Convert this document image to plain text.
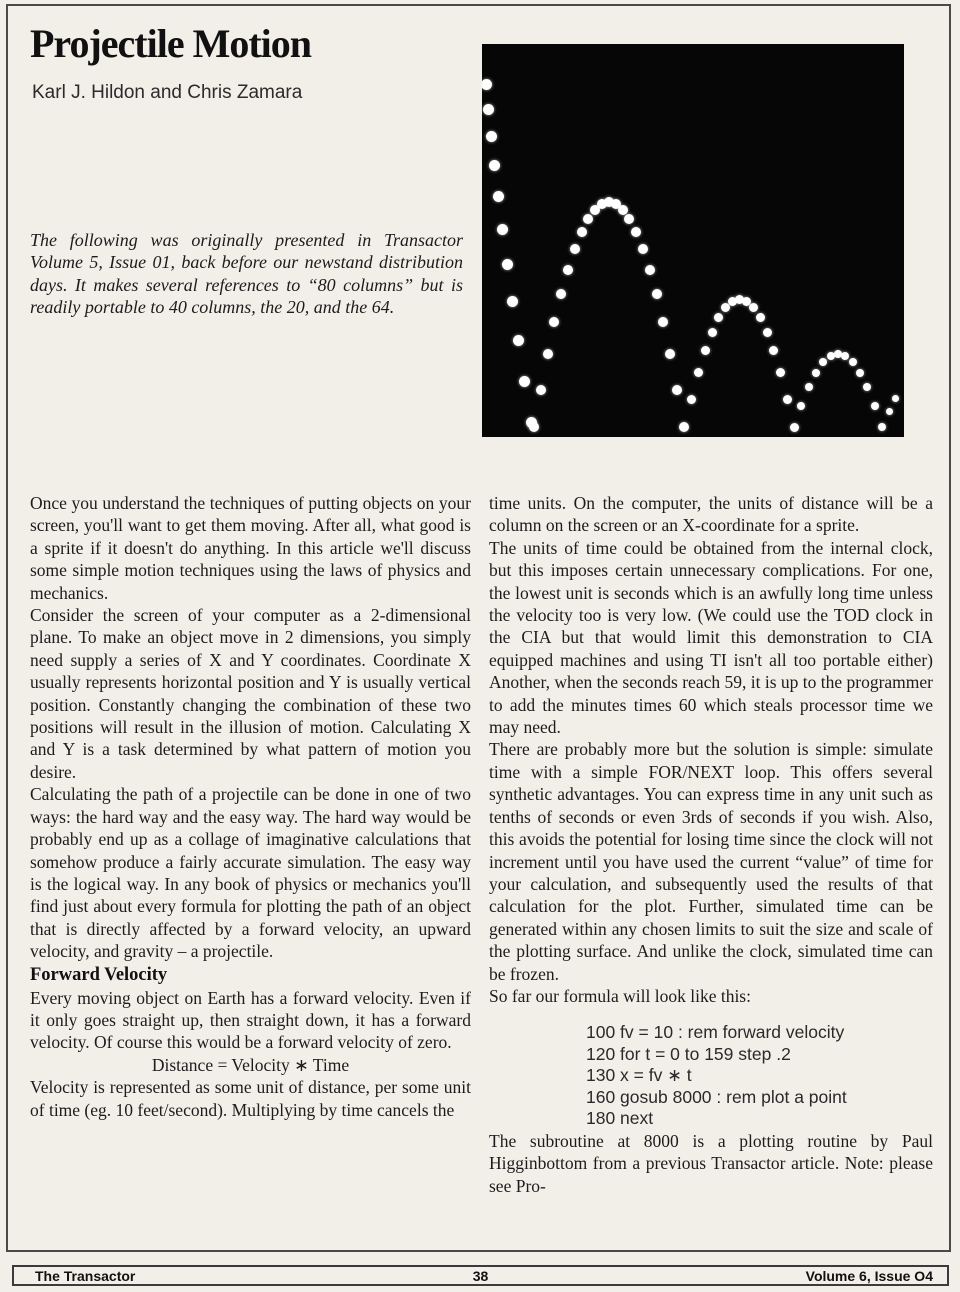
Projectile Motion
Karl J. Hildon and Chris Zamara
The following was originally presented in Transactor Volume 5, Issue 01, back before our newstand distribution days. It makes several references to “80 columns” but is readily portable to 40 columns, the 20, and the 64.

Once you understand the techniques of putting objects on your screen, you'll want to get them moving. After all, what good is a sprite if it doesn't do anything. In this article we'll discuss some simple motion techniques using the laws of physics and mechanics.

Consider the screen of your computer as a 2-dimensional plane. To make an object move in 2 dimensions, you simply need supply a series of X and Y coordinates. Coordinate X usually represents horizontal position and Y is usually vertical position. Constantly changing the combination of these two positions will result in the illusion of motion. Calculating X and Y is a task determined by what pattern of motion you desire.

Calculating the path of a projectile can be done in one of two ways: the hard way and the easy way. The hard way would be probably end up as a collage of imaginative calculations that somehow produce a fairly accurate simulation. The easy way is the logical way. In any book of physics or mechanics you'll find just about every formula for plotting the path of an object that is directly affected by a forward velocity, an upward velocity, and gravity – a projectile.

Forward Velocity

Every moving object on Earth has a forward velocity. Even if it only goes straight up, then straight down, it has a forward velocity. Of course this would be a forward velocity of zero.

Distance = Velocity ∗ Time

Velocity is represented as some unit of distance, per some unit of time (eg. 10 feet/second). Multiplying by time cancels the

time units. On the computer, the units of distance will be a column on the screen or an X-coordinate for a sprite.

The units of time could be obtained from the internal clock, but this imposes certain unnecessary complications. For one, the lowest unit is seconds which is an awfully long time unless the velocity too is very low. (We could use the TOD clock in the CIA but that would limit this demonstration to CIA equipped machines and using TI isn't all too portable either) Another, when the seconds reach 59, it is up to the programmer to add the minutes times 60 which steals processor time we may need.

There are probably more but the solution is simple: simulate time with a simple FOR/NEXT loop. This offers several synthetic advantages. You can express time in any unit such as tenths of seconds or even 3rds of seconds if you wish. Also, this avoids the potential for losing time since the clock will not increment until you have used the current “value” of time for your calculation, and subsequently used the results of that calculation for the plot. Further, simulated time can be generated within any chosen limits to suit the size and scale of the plotting surface. And unlike the clock, simulated time can be frozen.

So far our formula will look like this:

100 fv = 10 : rem forward velocity
120 for t = 0 to 159 step .2
130 x = fv ∗ t
160 gosub 8000 : rem plot a point
180 next

The subroutine at 8000 is a plotting routine by Paul Higginbottom from a previous Transactor article. Note: please see Pro-

The Transactor	38	Volume 6, Issue O4
